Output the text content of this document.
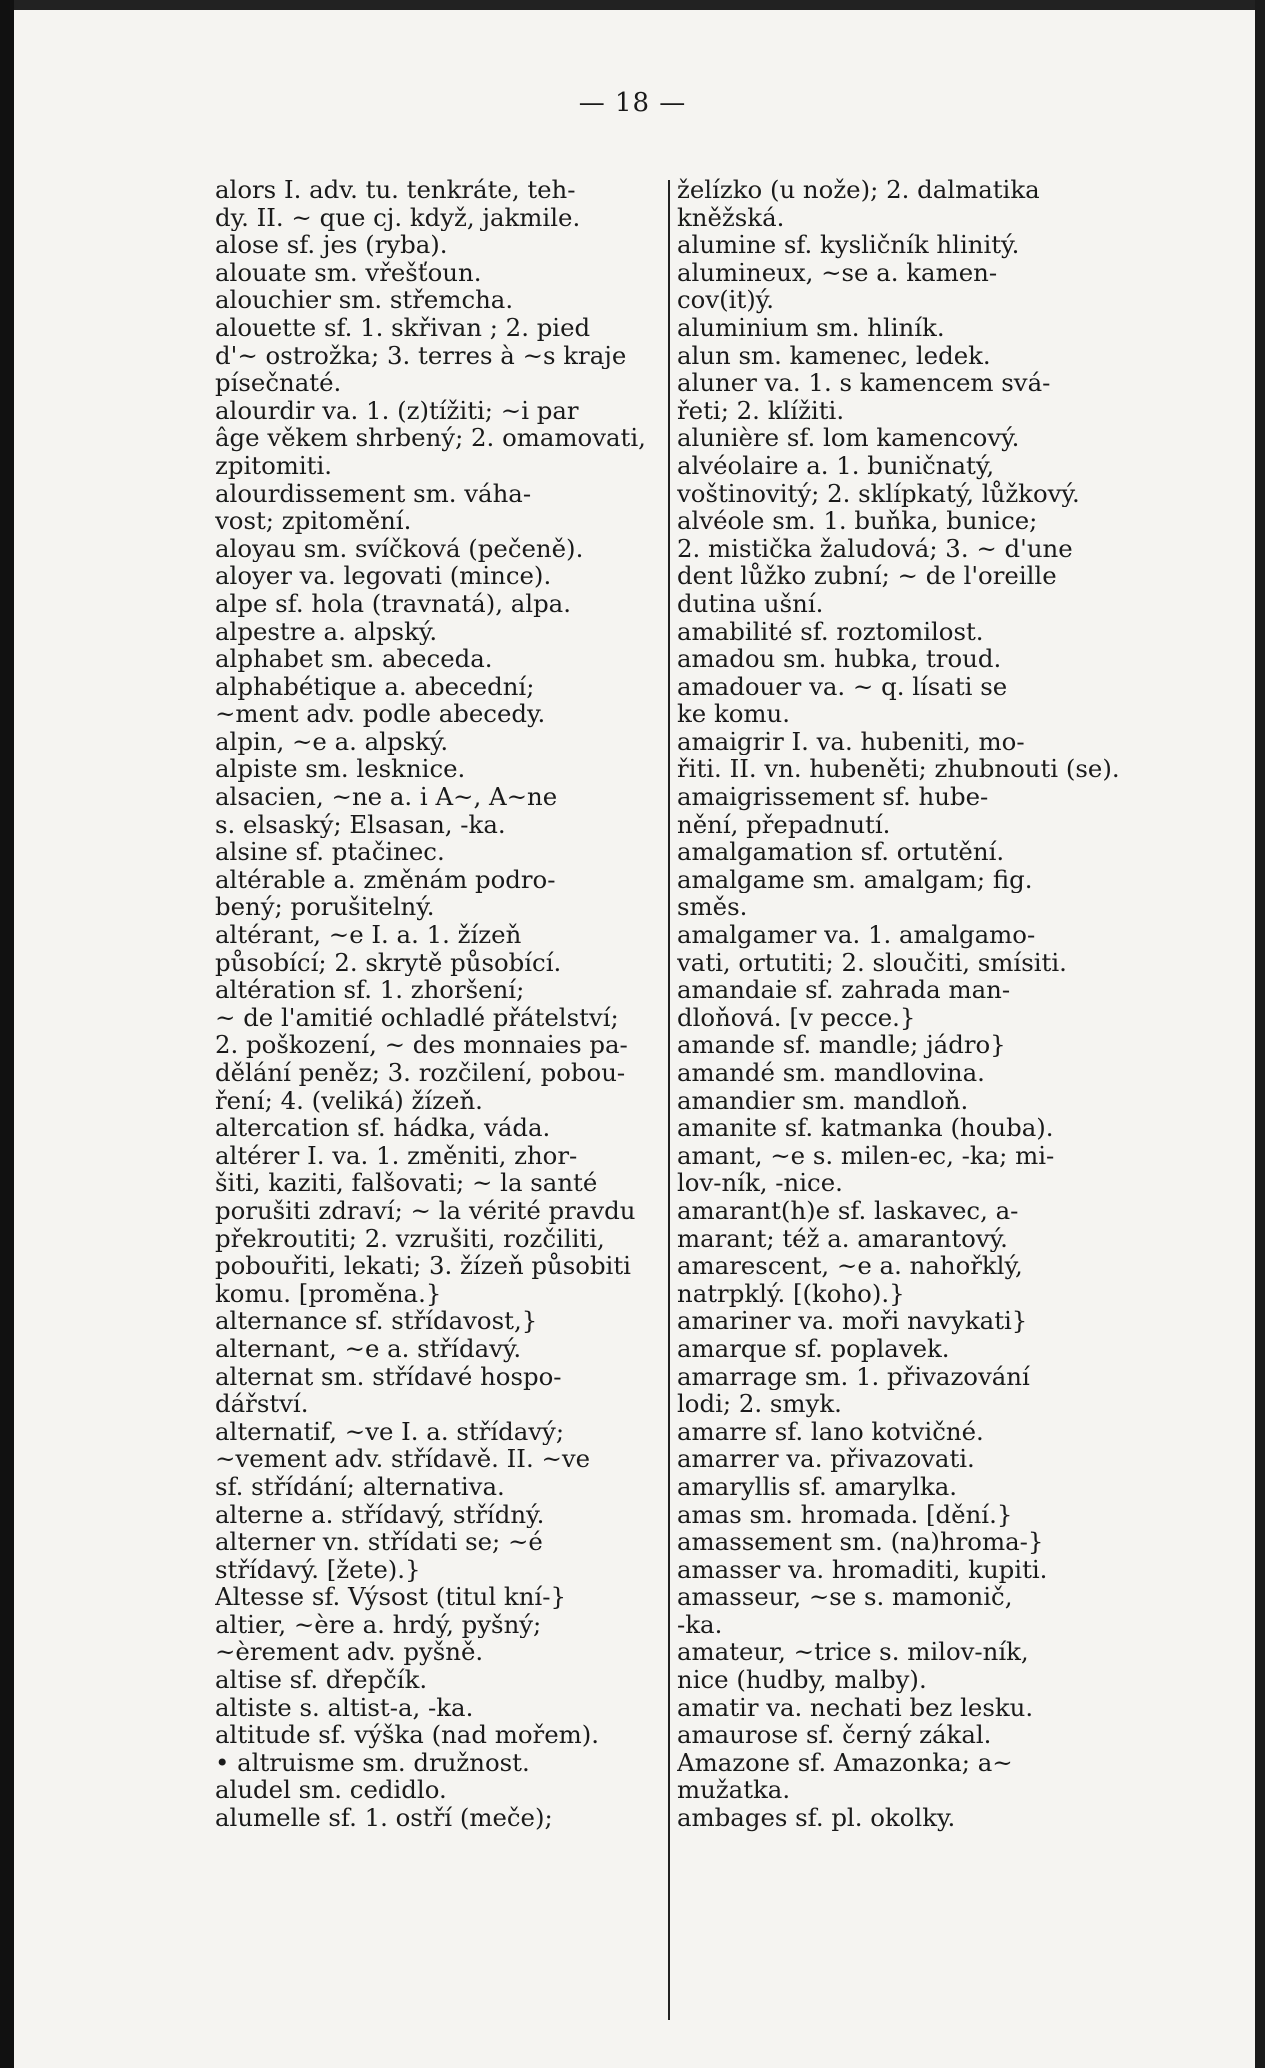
— 18 —
alors I. adv. tu. tenkráte, teh-
dy. II. ~ que cj. když, jakmile.
alose sf. jes (ryba).
alouate sm. vřešťoun.
alouchier sm. střemcha.
alouette sf. 1. skřivan ; 2. pied
d'~ ostrožka; 3. terres à ~s kraje
písečnaté.
alourdir va. 1. (z)tížiti; ~i par
âge věkem shrbený; 2. omamovati,
zpitomiti.
alourdissement sm. váha-
vost; zpitomění.
aloyau sm. svíčková (pečeně).
aloyer va. legovati (mince).
alpe sf. hola (travnatá), alpa.
alpestre a. alpský.
alphabet sm. abeceda.
alphabétique a. abecední;
~ment adv. podle abecedy.
alpin, ~e a. alpský.
alpiste sm. lesknice.
alsacien, ~ne a. i A~, A~ne
s. elsaský; Elsasan, -ka.
alsine sf. ptačinec.
altérable a. změnám podro-
bený; porušitelný.
altérant, ~e I. a. 1. žízeň
působící; 2. skrytě působící.
altération sf. 1. zhoršení;
~ de l'amitié ochladlé přátelství;
2. poškození, ~ des monnaies pa-
dělání peněz; 3. rozčilení, pobou-
ření; 4. (veliká) žízeň.
altercation sf. hádka, váda.
altérer I. va. 1. změniti, zhor-
šiti, kaziti, falšovati; ~ la santé
porušiti zdraví; ~ la vérité pravdu
překroutiti; 2. vzrušiti, rozčiliti,
pobouřiti, lekati; 3. žízeň působiti
komu. [proměna.}
alternance sf. střídavost,}
alternant, ~e a. střídavý.
alternat sm. střídavé hospo-
dářství.
alternatif, ~ve I. a. střídavý;
~vement adv. střídavě. II. ~ve
sf. střídání; alternativa.
alterne a. střídavý, střídný.
alterner vn. střídati se; ~é
střídavý. [žete).}
Altesse sf. Výsost (titul kní-}
altier, ~ère a. hrdý, pyšný;
~èrement adv. pyšně.
altise sf. dřepčík.
altiste s. altist-a, -ka.
altitude sf. výška (nad mořem).
• altruisme sm. družnost.
aludel sm. cedidlo.
alumelle sf. 1. ostří (meče);
želízko (u nože); 2. dalmatika
kněžská.
alumine sf. kysličník hlinitý.
alumineux, ~se a. kamen-
cov(it)ý.
aluminium sm. hliník.
alun sm. kamenec, ledek.
aluner va. 1. s kamencem svá-
řeti; 2. klížiti.
alunière sf. lom kamencový.
alvéolaire a. 1. buničnatý,
voštinovitý; 2. sklípkatý, lůžkový.
alvéole sm. 1. buňka, bunice;
2. mistička žaludová; 3. ~ d'une
dent lůžko zubní; ~ de l'oreille
dutina ušní.
amabilité sf. roztomilost.
amadou sm. hubka, troud.
amadouer va. ~ q. lísati se
ke komu.
amaigrir I. va. hubeniti, mo-
řiti. II. vn. hubeněti; zhubnouti (se).
amaigrissement sf. hube-
nění, přepadnutí.
amalgamation sf. ortutění.
amalgame sm. amalgam; fig.
směs.
amalgamer va. 1. amalgamo-
vati, ortutiti; 2. sloučiti, smísiti.
amandaie sf. zahrada man-
dloňová. [v pecce.}
amande sf. mandle; jádro}
amandé sm. mandlovina.
amandier sm. mandloň.
amanite sf. katmanka (houba).
amant, ~e s. milen-ec, -ka; mi-
lov-ník, -nice.
amarant(h)e sf. laskavec, a-
marant; též a. amarantový.
amarescent, ~e a. nahořklý,
natrpklý. [(koho).}
amariner va. moři navykati}
amarque sf. poplavek.
amarrage sm. 1. přivazování
lodi; 2. smyk.
amarre sf. lano kotvičné.
amarrer va. přivazovati.
amaryllis sf. amarylka.
amas sm. hromada. [dění.}
amassement sm. (na)hroma-}
amasser va. hromaditi, kupiti.
amasseur, ~se s. mamonič,
-ka.
amateur, ~trice s. milov-ník,
nice (hudby, malby).
amatir va. nechati bez lesku.
amaurose sf. černý zákal.
Amazone sf. Amazonka; a~
mužatka.
ambages sf. pl. okolky.
